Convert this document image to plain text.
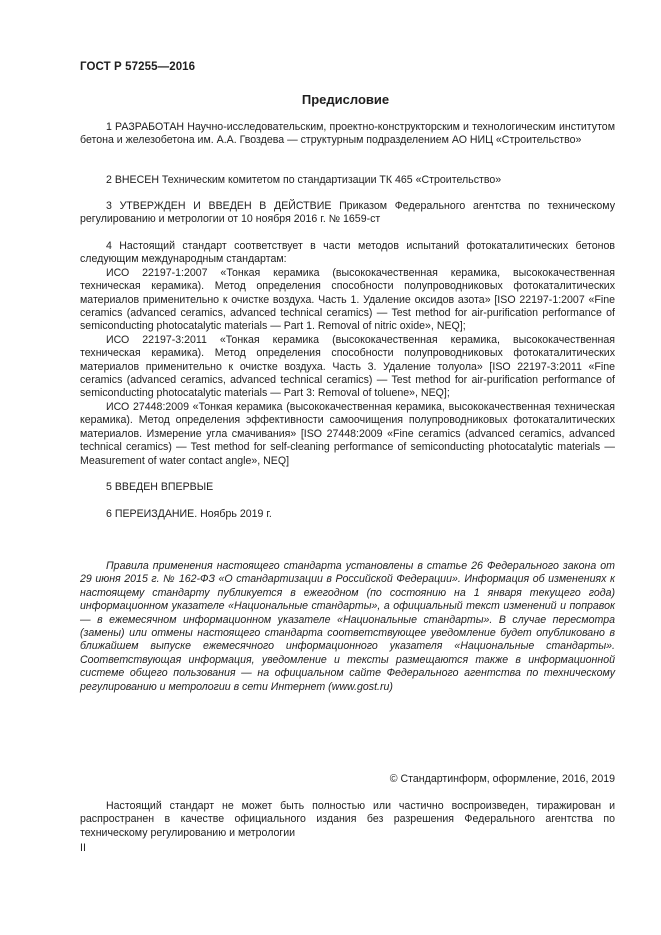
ГОСТ Р 57255—2016
Предисловие

1 РАЗРАБОТАН Научно-исследовательским, проектно-конструкторским и технологическим институтом бетона и железобетона им. А.А. Гвоздева — структурным подразделением АО НИЦ «Строительство»

2 ВНЕСЕН Техническим комитетом по стандартизации ТК 465 «Строительство»

3 УТВЕРЖДЕН И ВВЕДЕН В ДЕЙСТВИЕ Приказом Федерального агентства по техническому регулированию и метрологии от 10 ноября 2016 г. № 1659-ст

4 Настоящий стандарт соответствует в части методов испытаний фотокаталитических бетонов следующим международным стандартам:

ИСО 22197-1:2007 «Тонкая керамика (высококачественная керамика, высококачественная техническая керамика). Метод определения способности полупроводниковых фотокаталитических материалов применительно к очистке воздуха. Часть 1. Удаление оксидов азота» [ISO 22197-1:2007 «Fine ceramics (advanced ceramics, advanced technical ceramics) — Test method for air-purification performance of semiconducting photocatalytic materials — Part 1. Removal of nitric oxide», NEQ];

ИСО 22197-3:2011 «Тонкая керамика (высококачественная керамика, высококачественная техническая керамика). Метод определения способности полупроводниковых фотокаталитических материалов применительно к очистке воздуха. Часть 3. Удаление толуола» [ISO 22197-3:2011 «Fine ceramics (advanced ceramics, advanced technical ceramics) — Test method for air-purification performance of semiconducting photocatalytic materials — Part 3: Removal of toluene», NEQ];

ИСО 27448:2009 «Тонкая керамика (высококачественная керамика, высококачественная техническая керамика). Метод определения эффективности самоочищения полупроводниковых фотокаталитических материалов. Измерение угла смачивания» [ISO 27448:2009 «Fine ceramics (advanced ceramics, advanced technical ceramics) — Test method for self-cleaning performance of semiconducting photocatalytic materials — Measurement of water contact angle», NEQ]

5 ВВЕДЕН ВПЕРВЫЕ

6 ПЕРЕИЗДАНИЕ. Ноябрь 2019 г.

Правила применения настоящего стандарта установлены в статье 26 Федерального закона от 29 июня 2015 г. № 162-ФЗ «О стандартизации в Российской Федерации». Информация об изменениях к настоящему стандарту публикуется в ежегодном (по состоянию на 1 января текущего года) информационном указателе «Национальные стандарты», а официальный текст изменений и поправок — в ежемесячном информационном указателе «Национальные стандарты». В случае пересмотра (замены) или отмены настоящего стандарта соответствующее уведомление будет опубликовано в ближайшем выпуске ежемесячного информационного указателя «Национальные стандарты». Соответствующая информация, уведомление и тексты размещаются также в информационной системе общего пользования — на официальном сайте Федерального агентства по техническому регулированию и метрологии в сети Интернет (www.gost.ru)

© Стандартинформ, оформление, 2016, 2019

Настоящий стандарт не может быть полностью или частично воспроизведен, тиражирован и распространен в качестве официального издания без разрешения Федерального агентства по техническому регулированию и метрологии

II
